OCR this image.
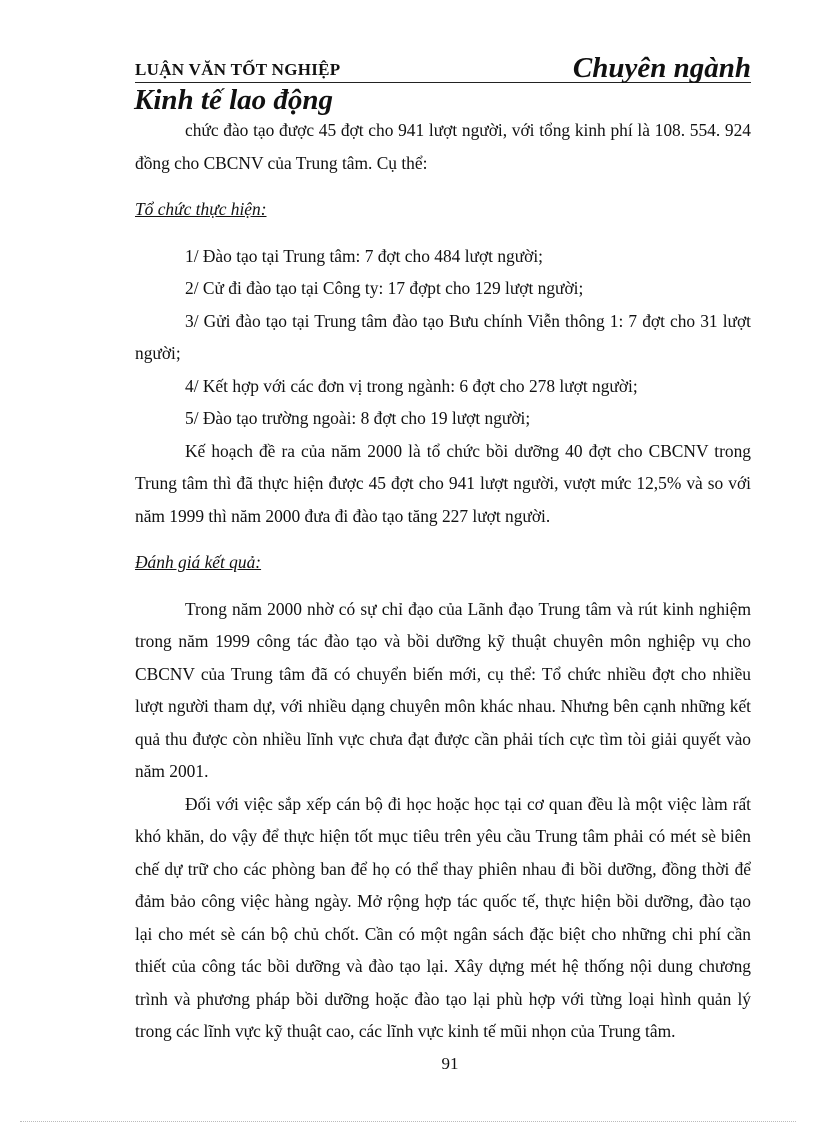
LUẬN VĂN TỐT NGHIỆP	Chuyên ngành
Kinh tế lao động

chức đào tạo được 45 đợt cho 941 lượt người, với tổng kinh phí là 108. 554. 924 đồng cho CBCNV của Trung tâm. Cụ thể:

Tổ chức thực hiện:

1/ Đào tạo tại Trung tâm: 7 đợt cho 484 lượt người;

2/ Cử đi đào tạo tại Công ty: 17 đợpt cho 129 lượt người;

3/ Gửi đào tạo tại Trung tâm đào tạo Bưu chính Viễn thông 1: 7 đợt cho 31 lượt người;

4/ Kết hợp với các đơn vị trong ngành: 6 đợt cho 278 lượt người;

5/ Đào tạo trường ngoài: 8 đợt cho 19 lượt người;

Kế hoạch đề ra của năm 2000 là tổ chức bồi dưỡng 40 đợt cho CBCNV trong Trung tâm thì đã thực hiện được 45 đợt cho 941 lượt người, vượt mức 12,5% và so với năm 1999 thì năm 2000 đưa đi đào tạo tăng 227 lượt người.

Đánh giá kết quả:

Trong năm 2000 nhờ có sự chỉ đạo của Lãnh đạo Trung tâm và rút kinh nghiệm trong năm 1999 công tác đào tạo và bồi dưỡng kỹ thuật chuyên môn nghiệp vụ cho CBCNV của Trung tâm đã có chuyển biến mới, cụ thể: Tổ chức nhiều đợt cho nhiều lượt người tham dự, với nhiều dạng chuyên môn khác nhau. Nhưng bên cạnh những kết quả thu được còn nhiều lĩnh vực chưa đạt được cần phải tích cực tìm tòi giải quyết vào năm 2001.

Đối với việc sắp xếp cán bộ đi học hoặc học tại cơ quan đều là một việc làm rất khó khăn, do vậy để thực hiện tốt mục tiêu trên yêu cầu Trung tâm phải có mét sè biên chế dự trữ cho các phòng ban để họ có thể thay phiên nhau đi bồi dưỡng, đồng thời để đảm bảo công việc hàng ngày. Mở rộng hợp tác quốc tế, thực hiện bồi dưỡng, đào tạo lại cho mét sè cán bộ chủ chốt. Cần có một ngân sách đặc biệt cho những chi phí cần thiết của công tác bồi dưỡng và đào tạo lại. Xây dựng mét hệ thống nội dung chương trình và phương pháp bồi dưỡng hoặc đào tạo lại phù hợp với từng loại hình quản lý trong các lĩnh vực kỹ thuật cao, các lĩnh vực kinh tế mũi nhọn của Trung tâm.

91
